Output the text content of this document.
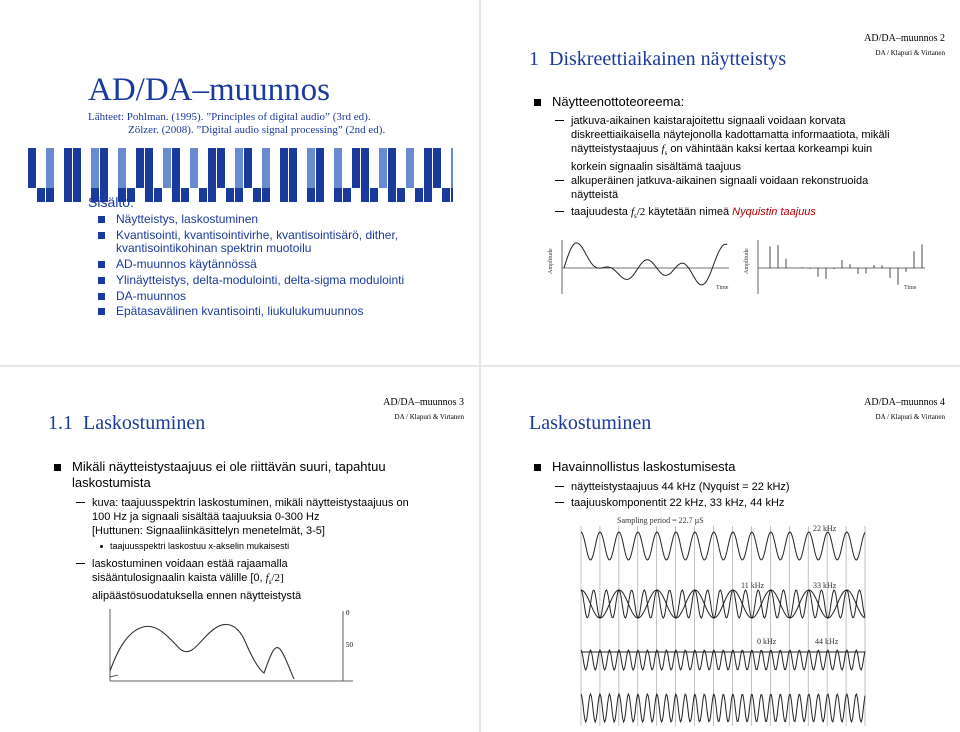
AD/DA–muunnos
Lähteet: Pohlman. (1995). ”Principles of digital audio” (3rd ed).
Zölzer. (2008). ”Digital audio signal processing” (2nd ed).
Sisältö:
Näytteistys, laskostuminen
Kvantisointi, kvantisointivirhe, kvantisointisärö, dither,
kvantisointikohinan spektrin muotoilu
AD-muunnos käytännössä
Ylinäytteistys, delta-modulointi, delta-sigma modulointi
DA-muunnos
Epätasavälinen kvantisointi, liukulukumuunnos
AD/DA–muunnos 2
DA / Klapuri & Virtanen
1  Diskreettiaikainen näytteistys
Näytteenottoteoreema:
jatkuva-aikainen kaistarajoitettu signaali voidaan korvata
diskreettiaikaisella näytejonolla kadottamatta informaatiota, mikäli
näytteistystaajuus $f_s$ on vähintään kaksi kertaa korkeampi kuin
korkein signaalin sisältämä taajuus
alkuperäinen jatkuva-aikainen signaali voidaan rekonstruoida
näytteistä
taajuudesta $f_s/2$ käytetään nimeä Nyquistin taajuus
Amplitude
Time
Amplitude
Time
AD/DA–muunnos 3
DA / Klapuri & Virtanen
1.1  Laskostuminen
Mikäli näytteistystaajuus ei ole riittävän suuri, tapahtuu
laskostumista
kuva: taajuusspektrin laskostuminen, mikäli näytteistystaajuus on
100 Hz ja signaali sisältää taajuuksia 0-300 Hz
[Huttunen: Signaaliinkäsittelyn menetelmät, 3-5]
taajuusspektri laskostuu x-akselin mukaisesti
laskostuminen voidaan estää rajaamalla
sisääntulosignaalin kaista välille [0, $f_s/2$]
alipäästösuodatuksella ennen näytteistystä
0
50
AD/DA–muunnos 4
DA / Klapuri & Virtanen
Laskostuminen
Havainnollistus laskostumisesta
näytteistystaajuus 44 kHz (Nyquist = 22 kHz)
taajuuskomponentit 22 kHz, 33 kHz, 44 kHz
Sampling period = 22.7 µS
22 kHz
11 kHz	33 kHz
0 kHz	44 kHz
